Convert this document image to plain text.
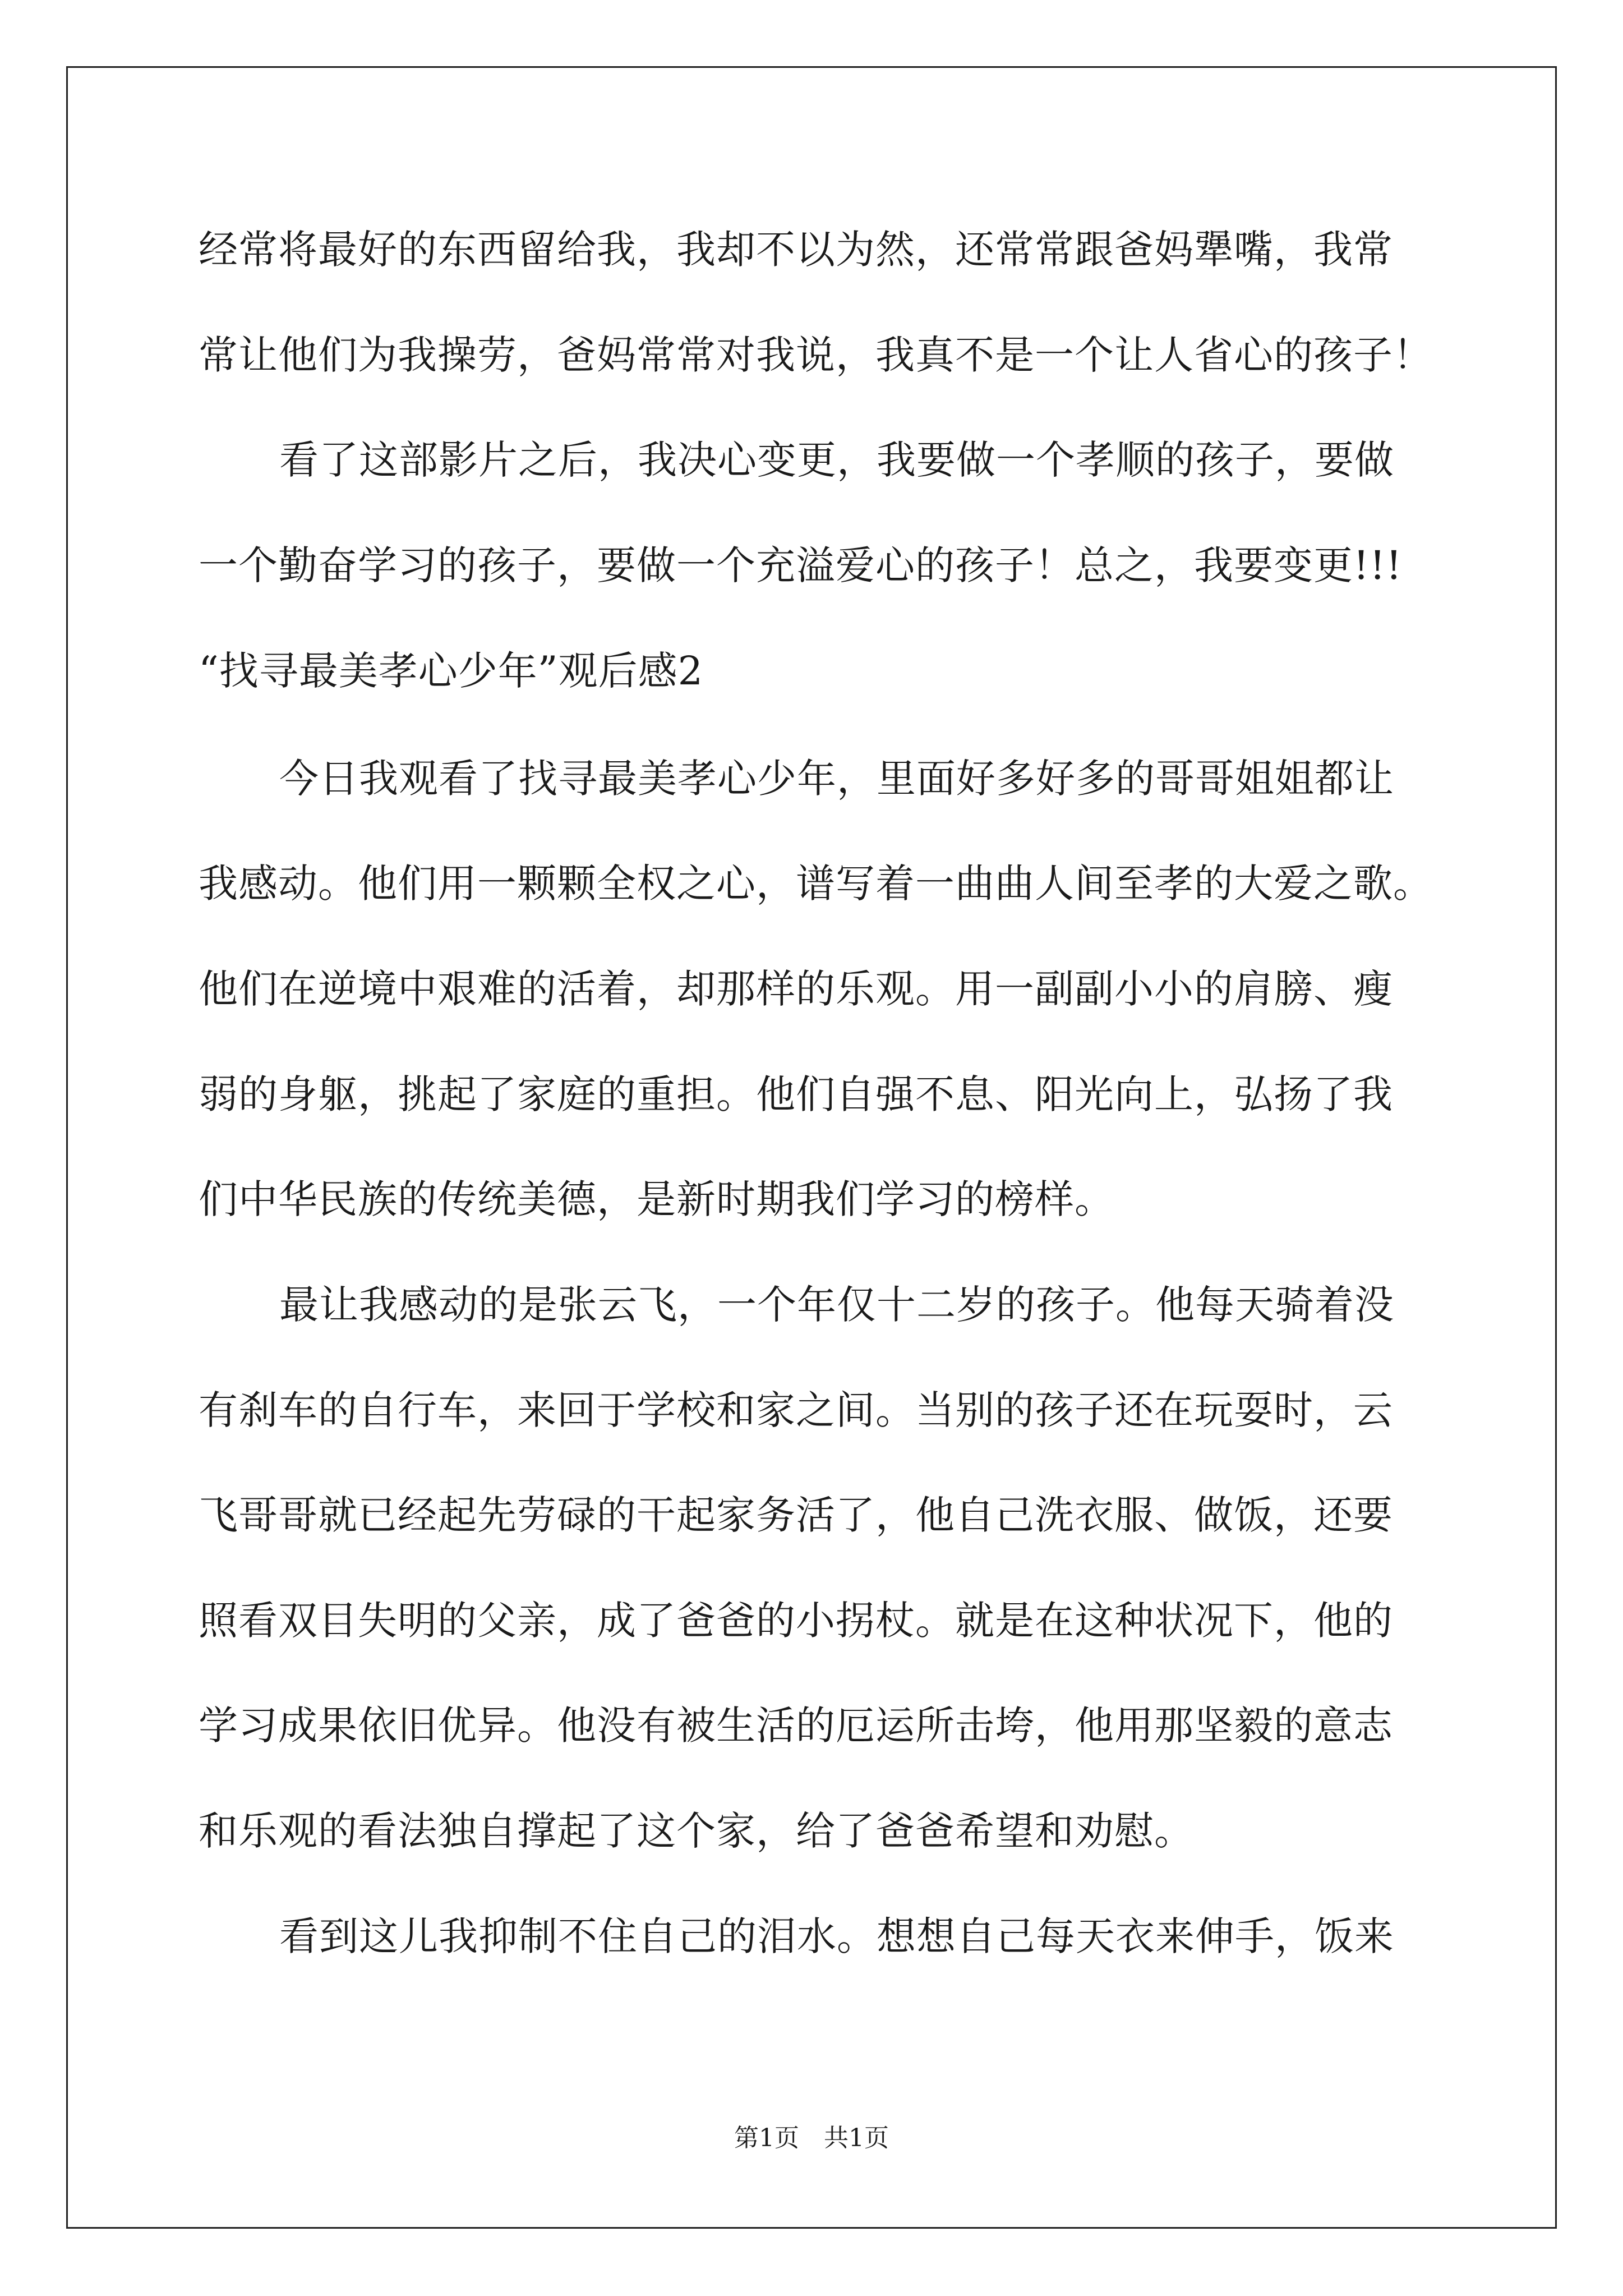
经常将最好的东西留给我，我却不以为然，还常常跟爸妈犟嘴，我常
常让他们为我操劳，爸妈常常对我说，我真不是一个让人省心的孩子！
看了这部影片之后，我决心变更，我要做一个孝顺的孩子，要做
一个勤奋学习的孩子，要做一个充溢爱心的孩子！总之，我要变更!!!
“找寻最美孝心少年”观后感2
今日我观看了找寻最美孝心少年，里面好多好多的哥哥姐姐都让
我感动。他们用一颗颗全权之心，谱写着一曲曲人间至孝的大爱之歌。
他们在逆境中艰难的活着，却那样的乐观。用一副副小小的肩膀、瘦
弱的身躯，挑起了家庭的重担。他们自强不息、阳光向上，弘扬了我
们中华民族的传统美德，是新时期我们学习的榜样。
最让我感动的是张云飞，一个年仅十二岁的孩子。他每天骑着没
有刹车的自行车，来回于学校和家之间。当别的孩子还在玩耍时，云
飞哥哥就已经起先劳碌的干起家务活了，他自己洗衣服、做饭，还要
照看双目失明的父亲，成了爸爸的小拐杖。就是在这种状况下，他的
学习成果依旧优异。他没有被生活的厄运所击垮，他用那坚毅的意志
和乐观的看法独自撑起了这个家，给了爸爸希望和劝慰。
看到这儿我抑制不住自己的泪水。想想自己每天衣来伸手，饭来
第1页　共1页
